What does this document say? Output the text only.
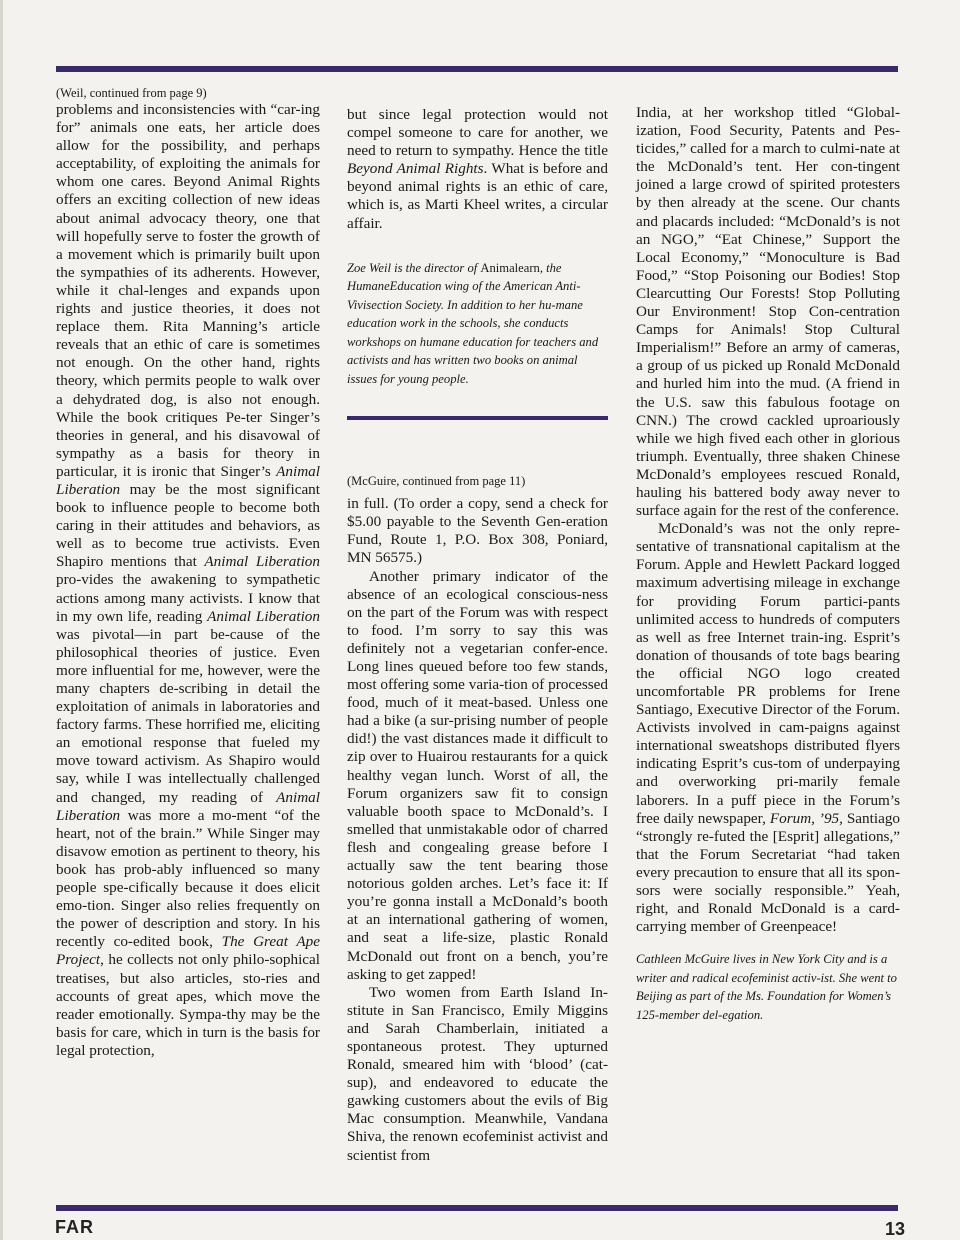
(Weil, continued from page 9)

problems and inconsistencies with “car-ing for” animals one eats, her article does allow for the possibility, and perhaps acceptability, of exploiting the animals for whom one cares. Beyond Animal Rights offers an exciting collection of new ideas about animal advocacy theory, one that will hopefully serve to foster the growth of a movement which is primarily built upon the sympathies of its adherents. However, while it chal-lenges and expands upon rights and justice theories, it does not replace them. Rita Manning’s article reveals that an ethic of care is sometimes not enough. On the other hand, rights theory, which permits people to walk over a dehydrated dog, is also not enough. While the book critiques Pe-ter Singer’s theories in general, and his disavowal of sympathy as a basis for theory in particular, it is ironic that Singer’s Animal Liberation may be the most significant book to influence people to become both caring in their attitudes and behaviors, as well as to become true activists. Even Shapiro mentions that Animal Liberation pro-vides the awakening to sympathetic actions among many activists. I know that in my own life, reading Animal Liberation was pivotal—in part be-cause of the philosophical theories of justice. Even more influential for me, however, were the many chapters de-scribing in detail the exploitation of animals in laboratories and factory farms. These horrified me, eliciting an emotional response that fueled my move toward activism. As Shapiro would say, while I was intellectually challenged and changed, my reading of Animal Liberation was more a mo-ment “of the heart, not of the brain.” While Singer may disavow emotion as pertinent to theory, his book has prob-ably influenced so many people spe-cifically because it does elicit emo-tion. Singer also relies frequently on the power of description and story. In his recently co-edited book, The Great Ape Project, he collects not only philo-sophical treatises, but also articles, sto-ries and accounts of great apes, which move the reader emotionally. Sympa-thy may be the basis for care, which in turn is the basis for legal protection,

but since legal protection would not compel someone to care for another, we need to return to sympathy. Hence the title Beyond Animal Rights. What is before and beyond animal rights is an ethic of care, which is, as Marti Kheel writes, a circular affair.

Zoe Weil is the director of Animalearn, the HumaneEducation wing of the American Anti-Vivisection Society. In addition to her hu-mane education work in the schools, she conducts workshops on humane education for teachers and activists and has written two books on animal issues for young people.

(McGuire, continued from page 11)

in full. (To order a copy, send a check for $5.00 payable to the Seventh Gen-eration Fund, Route 1, P.O. Box 308, Poniard, MN 56575.)

Another primary indicator of the absence of an ecological conscious-ness on the part of the Forum was with respect to food. I’m sorry to say this was definitely not a vegetarian confer-ence. Long lines queued before too few stands, most offering some varia-tion of processed food, much of it meat-based. Unless one had a bike (a sur-prising number of people did!) the vast distances made it difficult to zip over to Huairou restaurants for a quick healthy vegan lunch. Worst of all, the Forum organizers saw fit to consign valuable booth space to McDonald’s. I smelled that unmistakable odor of charred flesh and congealing grease before I actually saw the tent bearing those notorious golden arches. Let’s face it: If you’re gonna install a McDonald’s booth at an international gathering of women, and seat a life-size, plastic Ronald McDonald out front on a bench, you’re asking to get zapped!

Two women from Earth Island In-stitute in San Francisco, Emily Miggins and Sarah Chamberlain, initiated a spontaneous protest. They upturned Ronald, smeared him with ‘blood’ (cat-sup), and endeavored to educate the gawking customers about the evils of Big Mac consumption. Meanwhile, Vandana Shiva, the renown ecofeminist activist and scientist from

India, at her workshop titled “Global-ization, Food Security, Patents and Pes-ticides,” called for a march to culmi-nate at the McDonald’s tent. Her con-tingent joined a large crowd of spirited protesters by then already at the scene. Our chants and placards included: “McDonald’s is not an NGO,” “Eat Chinese,” Support the Local Economy,” “Monoculture is Bad Food,” “Stop Poisoning our Bodies! Stop Clearcutting Our Forests! Stop Polluting Our Environment! Stop Con-centration Camps for Animals! Stop Cultural Imperialism!” Before an army of cameras, a group of us picked up Ronald McDonald and hurled him into the mud. (A friend in the U.S. saw this fabulous footage on CNN.) The crowd cackled uproariously while we high fived each other in glorious triumph. Eventually, three shaken Chinese McDonald’s employees rescued Ronald, hauling his battered body away never to surface again for the rest of the conference.

McDonald’s was not the only repre-sentative of transnational capitalism at the Forum. Apple and Hewlett Packard logged maximum advertising mileage in exchange for providing Forum partici-pants unlimited access to hundreds of computers as well as free Internet train-ing. Esprit’s donation of thousands of tote bags bearing the official NGO logo created uncomfortable PR problems for Irene Santiago, Executive Director of the Forum. Activists involved in cam-paigns against international sweatshops distributed flyers indicating Esprit’s cus-tom of underpaying and overworking pri-marily female laborers. In a puff piece in the Forum’s free daily newspaper, Forum, ’95, Santiago “strongly re-futed the [Esprit] allegations,” that the Forum Secretariat “had taken every precaution to ensure that all its spon-sors were socially responsible.” Yeah, right, and Ronald McDonald is a card-carrying member of Greenpeace!

Cathleen McGuire lives in New York City and is a writer and radical ecofeminist activ-ist. She went to Beijing as part of the Ms. Foundation for Women’s 125-member del-egation.

FAR	13
